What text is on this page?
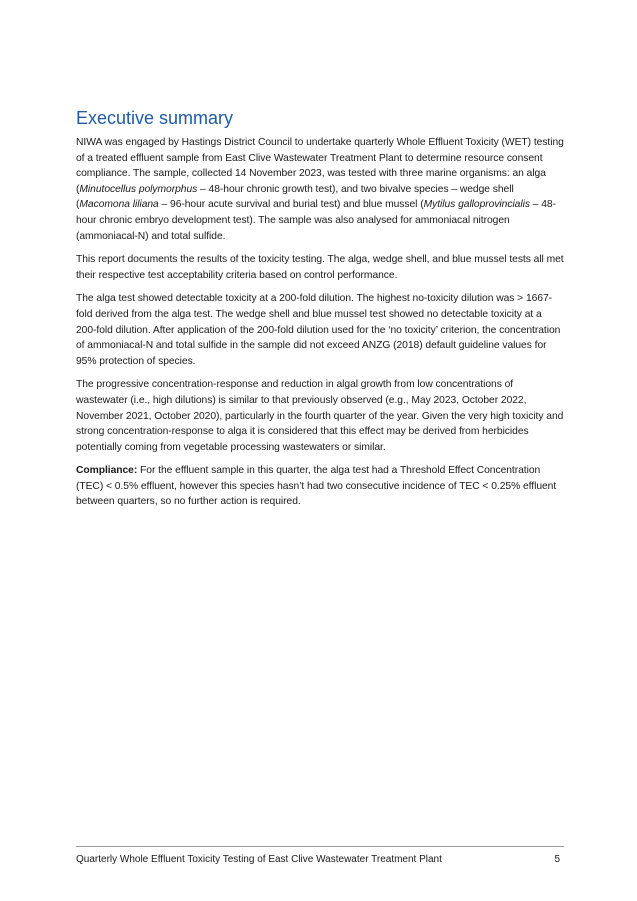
Executive summary

NIWA was engaged by Hastings District Council to undertake quarterly Whole Effluent Toxicity (WET) testing of a treated effluent sample from East Clive Wastewater Treatment Plant to determine resource consent compliance. The sample, collected 14 November 2023, was tested with three marine organisms: an alga (Minutocellus polymorphus – 48-hour chronic growth test), and two bivalve species – wedge shell (Macomona liliana – 96-hour acute survival and burial test) and blue mussel (Mytilus galloprovincialis – 48-hour chronic embryo development test). The sample was also analysed for ammoniacal nitrogen (ammoniacal-N) and total sulfide.

This report documents the results of the toxicity testing. The alga, wedge shell, and blue mussel tests all met their respective test acceptability criteria based on control performance.

The alga test showed detectable toxicity at a 200-fold dilution. The highest no-toxicity dilution was > 1667-fold derived from the alga test. The wedge shell and blue mussel test showed no detectable toxicity at a 200-fold dilution. After application of the 200-fold dilution used for the ‘no toxicity’ criterion, the concentration of ammoniacal-N and total sulfide in the sample did not exceed ANZG (2018) default guideline values for 95% protection of species.

The progressive concentration-response and reduction in algal growth from low concentrations of wastewater (i.e., high dilutions) is similar to that previously observed (e.g., May 2023, October 2022, November 2021, October 2020), particularly in the fourth quarter of the year. Given the very high toxicity and strong concentration-response to alga it is considered that this effect may be derived from herbicides potentially coming from vegetable processing wastewaters or similar.

Compliance: For the effluent sample in this quarter, the alga test had a Threshold Effect Concentration (TEC) < 0.5% effluent, however this species hasn’t had two consecutive incidence of TEC < 0.25% effluent between quarters, so no further action is required.

Quarterly Whole Effluent Toxicity Testing of East Clive Wastewater Treatment Plant	5
